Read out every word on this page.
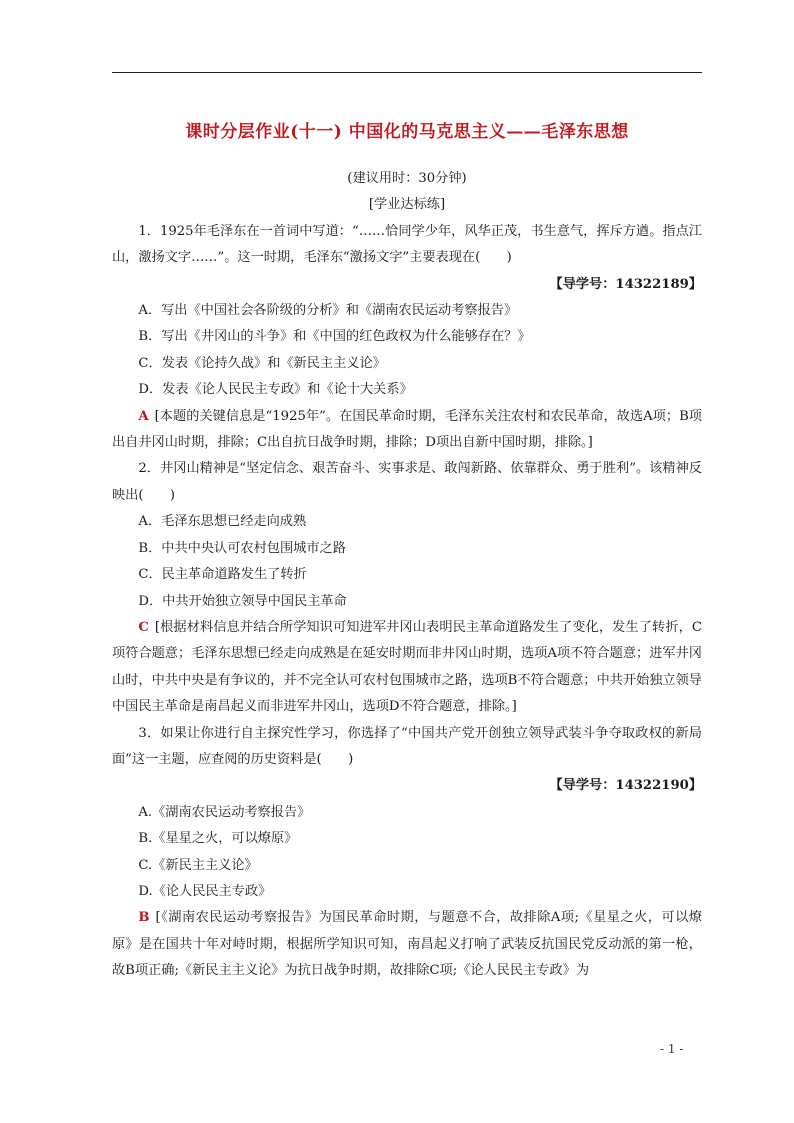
课时分层作业(十一) 中国化的马克思主义——毛泽东思想
(建议用时：30分钟)
[学业达标练]

1．1925年毛泽东在一首词中写道：“……恰同学少年，风华正茂，书生意气，挥斥方遒。指点江山，激扬文字……”。这一时期，毛泽东“激扬文字”主要表现在(　　)

【导学号：14322189】

A．写出《中国社会各阶级的分析》和《湖南农民运动考察报告》

B．写出《井冈山的斗争》和《中国的红色政权为什么能够存在？》

C．发表《论持久战》和《新民主主义论》

D．发表《论人民民主专政》和《论十大关系》

A [本题的关键信息是“1925年”。在国民革命时期，毛泽东关注农村和农民革命，故选A项；B项出自井冈山时期，排除；C出自抗日战争时期，排除；D项出自新中国时期，排除。]

2．井冈山精神是“坚定信念、艰苦奋斗、实事求是、敢闯新路、依靠群众、勇于胜利”。该精神反映出(　　)

A．毛泽东思想已经走向成熟

B．中共中央认可农村包围城市之路

C．民主革命道路发生了转折

D．中共开始独立领导中国民主革命

C [根据材料信息并结合所学知识可知进军井冈山表明民主革命道路发生了变化，发生了转折，C项符合题意；毛泽东思想已经走向成熟是在延安时期而非井冈山时期，选项A项不符合题意；进军井冈山时，中共中央是有争议的，并不完全认可农村包围城市之路，选项B不符合题意；中共开始独立领导中国民主革命是南昌起义而非进军井冈山，选项D不符合题意，排除。]

3．如果让你进行自主探究性学习，你选择了“中国共产党开创独立领导武装斗争夺取政权的新局面”这一主题，应查阅的历史资料是(　　)

【导学号：14322190】

A.《湖南农民运动考察报告》

B.《星星之火，可以燎原》

C.《新民主主义论》

D.《论人民民主专政》

B [《湖南农民运动考察报告》为国民革命时期，与题意不合，故排除A项;《星星之火，可以燎原》是在国共十年对峙时期，根据所学知识可知，南昌起义打响了武装反抗国民党反动派的第一枪，故B项正确;《新民主主义论》为抗日战争时期，故排除C项;《论人民民主专政》为

- 1 -
